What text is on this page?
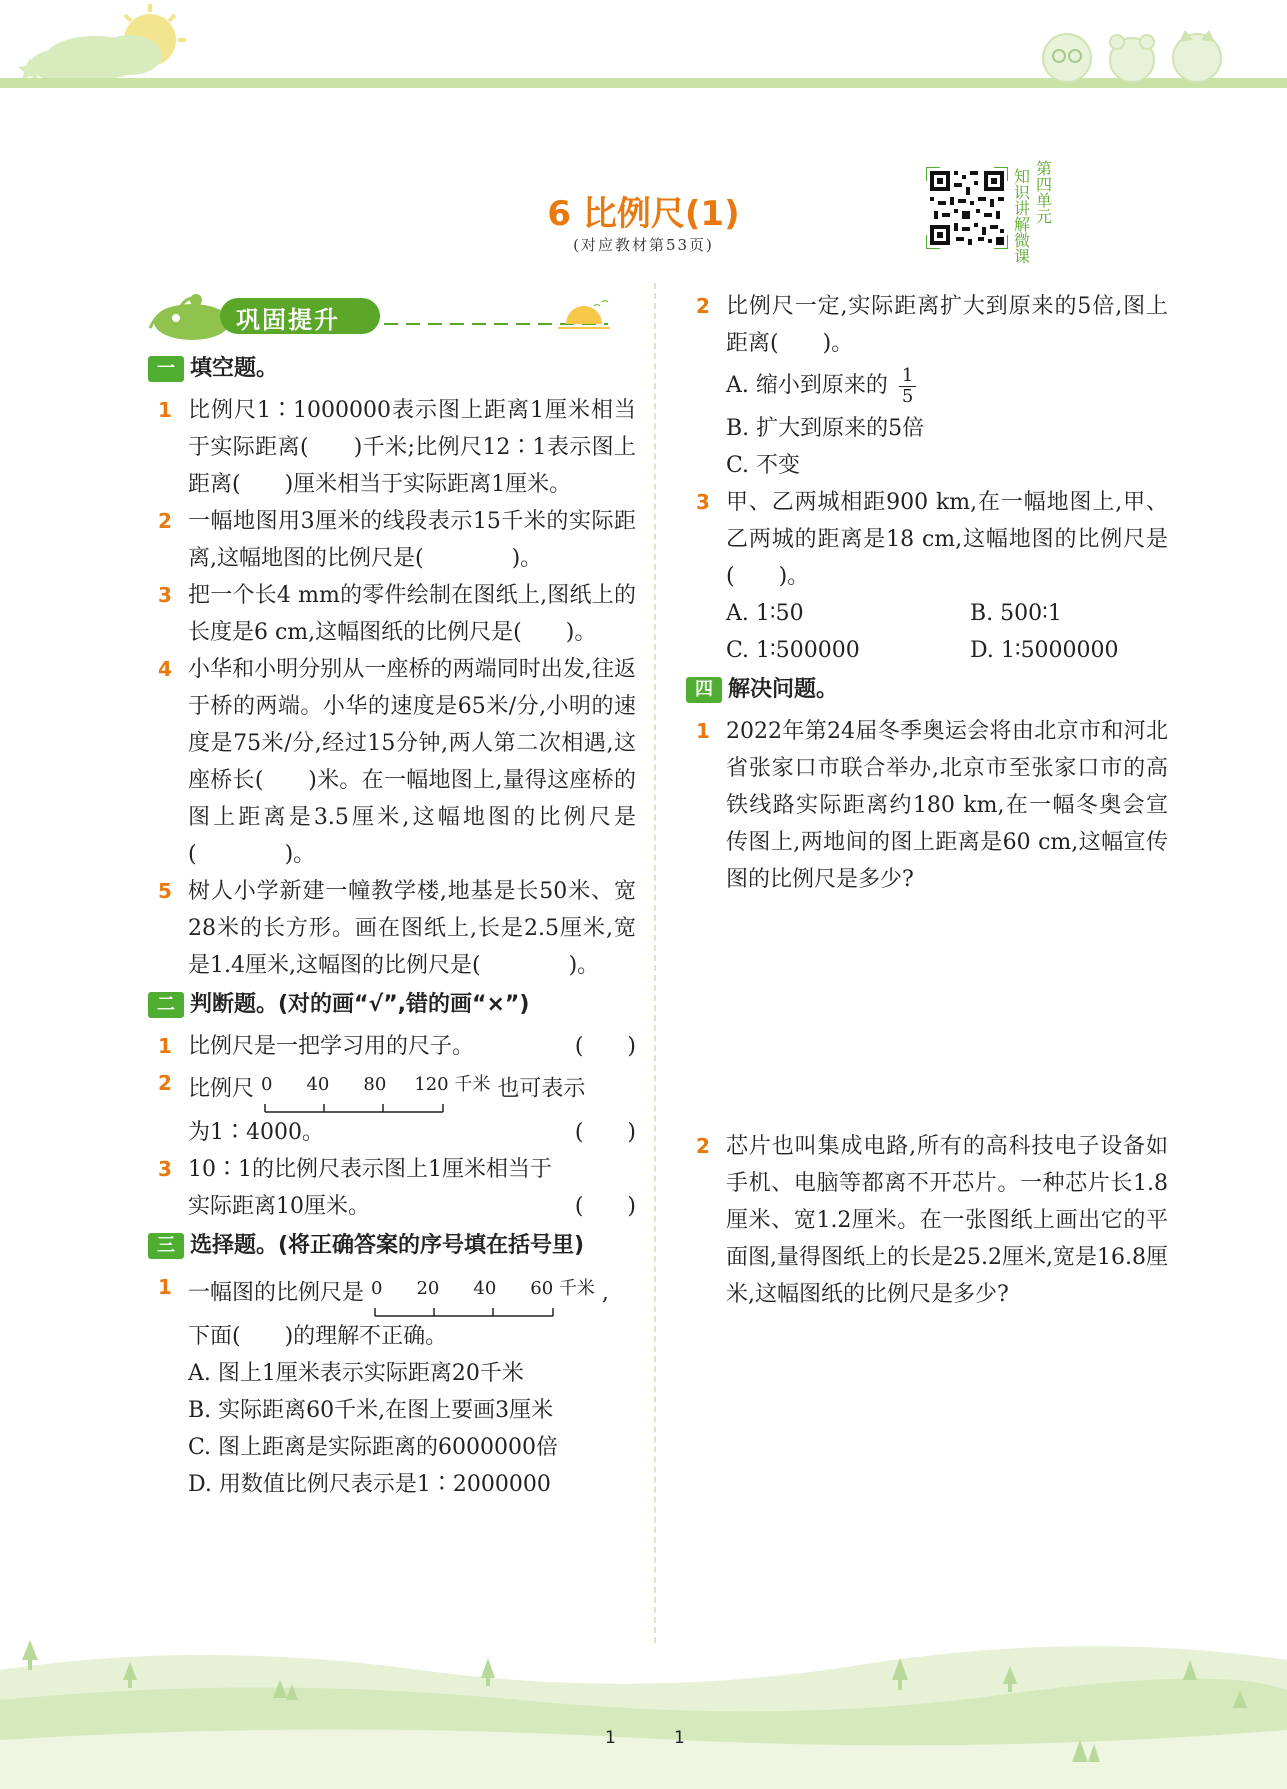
6 比例尺(1)
(对应教材第53页)
知识讲解微课
第四单元
巩固提升
一 填空题。
1 比例尺1∶1000000表示图上距离1厘米相当于实际距离(　　)千米;比例尺12∶1表示图上距离(　　)厘米相当于实际距离1厘米。
2 一幅地图用3厘米的线段表示15千米的实际距离,这幅地图的比例尺是(　　　　)。
3 把一个长4 mm的零件绘制在图纸上,图纸上的长度是6 cm,这幅图纸的比例尺是(　　)。
4 小华和小明分别从一座桥的两端同时出发,往返于桥的两端。小华的速度是65米/分,小明的速度是75米/分,经过15分钟,两人第二次相遇,这座桥长(　　)米。在一幅地图上,量得这座桥的图上距离是3.5厘米,这幅地图的比例尺是(　　　　)。
5 树人小学新建一幢教学楼,地基是长50米、宽28米的长方形。画在图纸上,长是2.5厘米,宽是1.4厘米,这幅图的比例尺是(　　　　)。
二 判断题。(对的画“√”,错的画“×”)
1 比例尺是一把学习用的尺子。	(　　)
2 比例尺 0 40 80 120 千米 也可表示
为1∶4000。	(　　)
3 10∶1的比例尺表示图上1厘米相当于
实际距离10厘米。	(　　)
三 选择题。(将正确答案的序号填在括号里)
1 一幅图的比例尺是 0 20 40 60 千米 ,
下面(　　)的理解不正确。
A. 图上1厘米表示实际距离20千米
B. 实际距离60千米,在图上要画3厘米
C. 图上距离是实际距离的6000000倍
D. 用数值比例尺表示是1∶2000000
2 比例尺一定,实际距离扩大到原来的5倍,图上距离(　　)。
A. 缩小到原来的 $\frac{1}{5}$
B. 扩大到原来的5倍
C. 不变
3 甲、乙两城相距900 km,在一幅地图上,甲、乙两城的距离是18 cm,这幅地图的比例尺是(　　)。
A. 1∶50	B. 500∶1
C. 1∶500000	D. 1∶5000000
四 解决问题。
1 2022年第24届冬季奥运会将由北京市和河北省张家口市联合举办,北京市至张家口市的高铁线路实际距离约180 km,在一幅冬奥会宣传图上,两地间的图上距离是60 cm,这幅宣传图的比例尺是多少?
2 芯片也叫集成电路,所有的高科技电子设备如手机、电脑等都离不开芯片。一种芯片长1.8厘米、宽1.2厘米。在一张图纸上画出它的平面图,量得图纸上的长是25.2厘米,宽是16.8厘米,这幅图纸的比例尺是多少?
1	1
